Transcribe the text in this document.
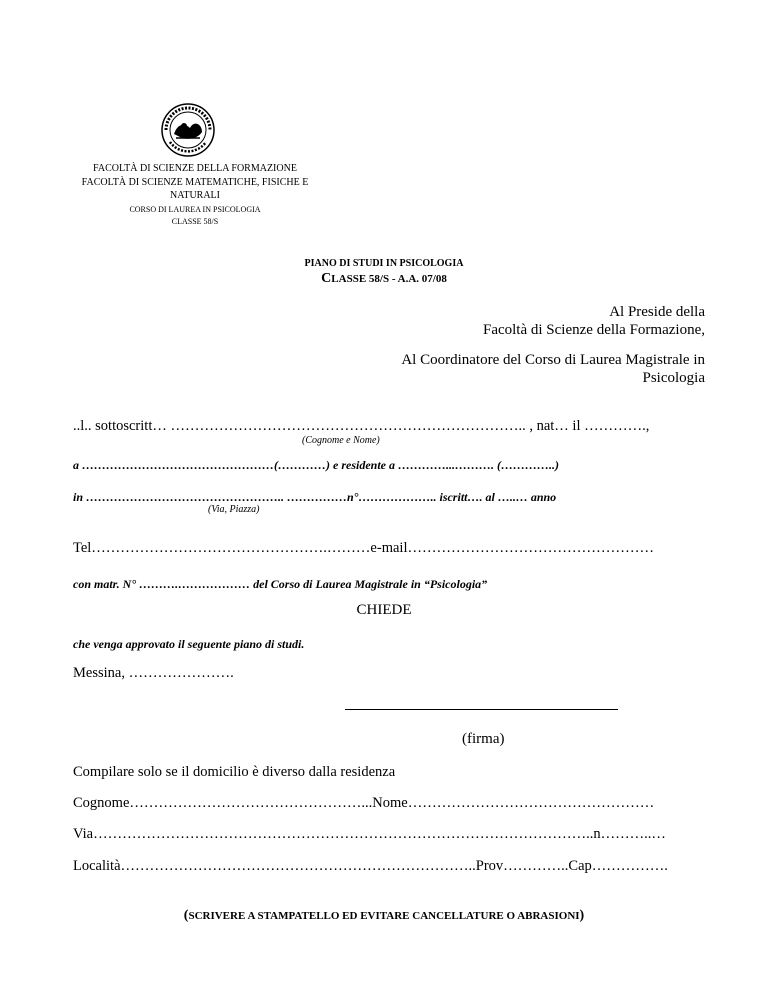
FACOLTÀ DI SCIENZE DELLA FORMAZIONE
FACOLTÀ DI SCIENZE MATEMATICHE, FISICHE E
NATURALI
CORSO DI LAUREA IN PSICOLOGIA
CLASSE 58/S
PIANO DI STUDI IN PSICOLOGIA
CLASSE 58/S - A.A. 07/08
Al Preside della
Facoltà di Scienze della Formazione,
Al Coordinatore del Corso di Laurea Magistrale in
Psicologia
..l.. sottoscritt… ……………………………………………………………….. , nat… il ………….,
(Cognome e Nome)
a …………………………………………(…………) e residente a …………...………. (…………..)
in ………………………………………….. ……………n°……………….. iscritt…. al …..… anno
(Via, Piazza)
Tel………………………………………….………e-mail……………………………………………
con matr. N° ……….……………… del Corso di Laurea Magistrale in “Psicologia”
CHIEDE
che venga approvato il seguente piano di studi.
Messina, ………………….
(firma)
Compilare solo se il domicilio è diverso dalla residenza
Cognome…………………………………………...Nome……………………………………………
Via…………………………………………………………………………………………..n………..…
Località………………………………………………………………..Prov…………..Cap…………….
(SCRIVERE A STAMPATELLO ED EVITARE CANCELLATURE O ABRASIONI)
